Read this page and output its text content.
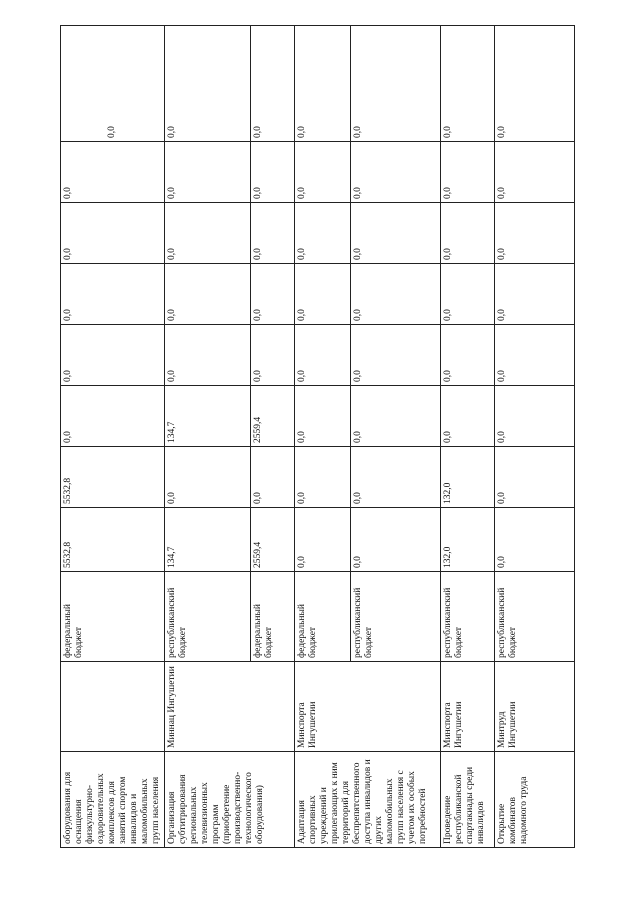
оборудования для оснащения физкультурно-оздоровительных комплексов для занятий спортом инвалидов и маломобильных групп населения		федеральный бюджет	5532,8	5532,8	0,0	0,0	0,0	0,0	0,0	0,0
Организация субтитрирования региональных телевизионных программ (приобретение производственно-технологического оборудования)	Миннац Ингушетии	республиканский бюджет	134,7	0,0	134,7	0,0	0,0	0,0	0,0	0,0
		федеральный бюджет	2559,4	0,0	2559,4	0,0	0,0	0,0	0,0	0,0
Адаптация спортивных учреждений и прилегающих к ним территорий для беспрепятственного доступа инвалидов и других маломобильных групп населения с учетом их особых потребностей	Минспорта Ингушетии	федеральный бюджет	0,0	0,0	0,0	0,0	0,0	0,0	0,0	0,0
		республиканский бюджет	0,0	0,0	0,0	0,0	0,0	0,0	0,0	0,0
Проведение республиканской спартакиады среди инвалидов	Минспорта Ингушетии	республиканский бюджет	132,0	132,0	0,0	0,0	0,0	0,0	0,0	0,0
Открытие комбинатов надомного труда	Минтруд Ингушетии	республиканский бюджет	0,0	0,0	0,0	0,0	0,0	0,0	0,0	0,0
